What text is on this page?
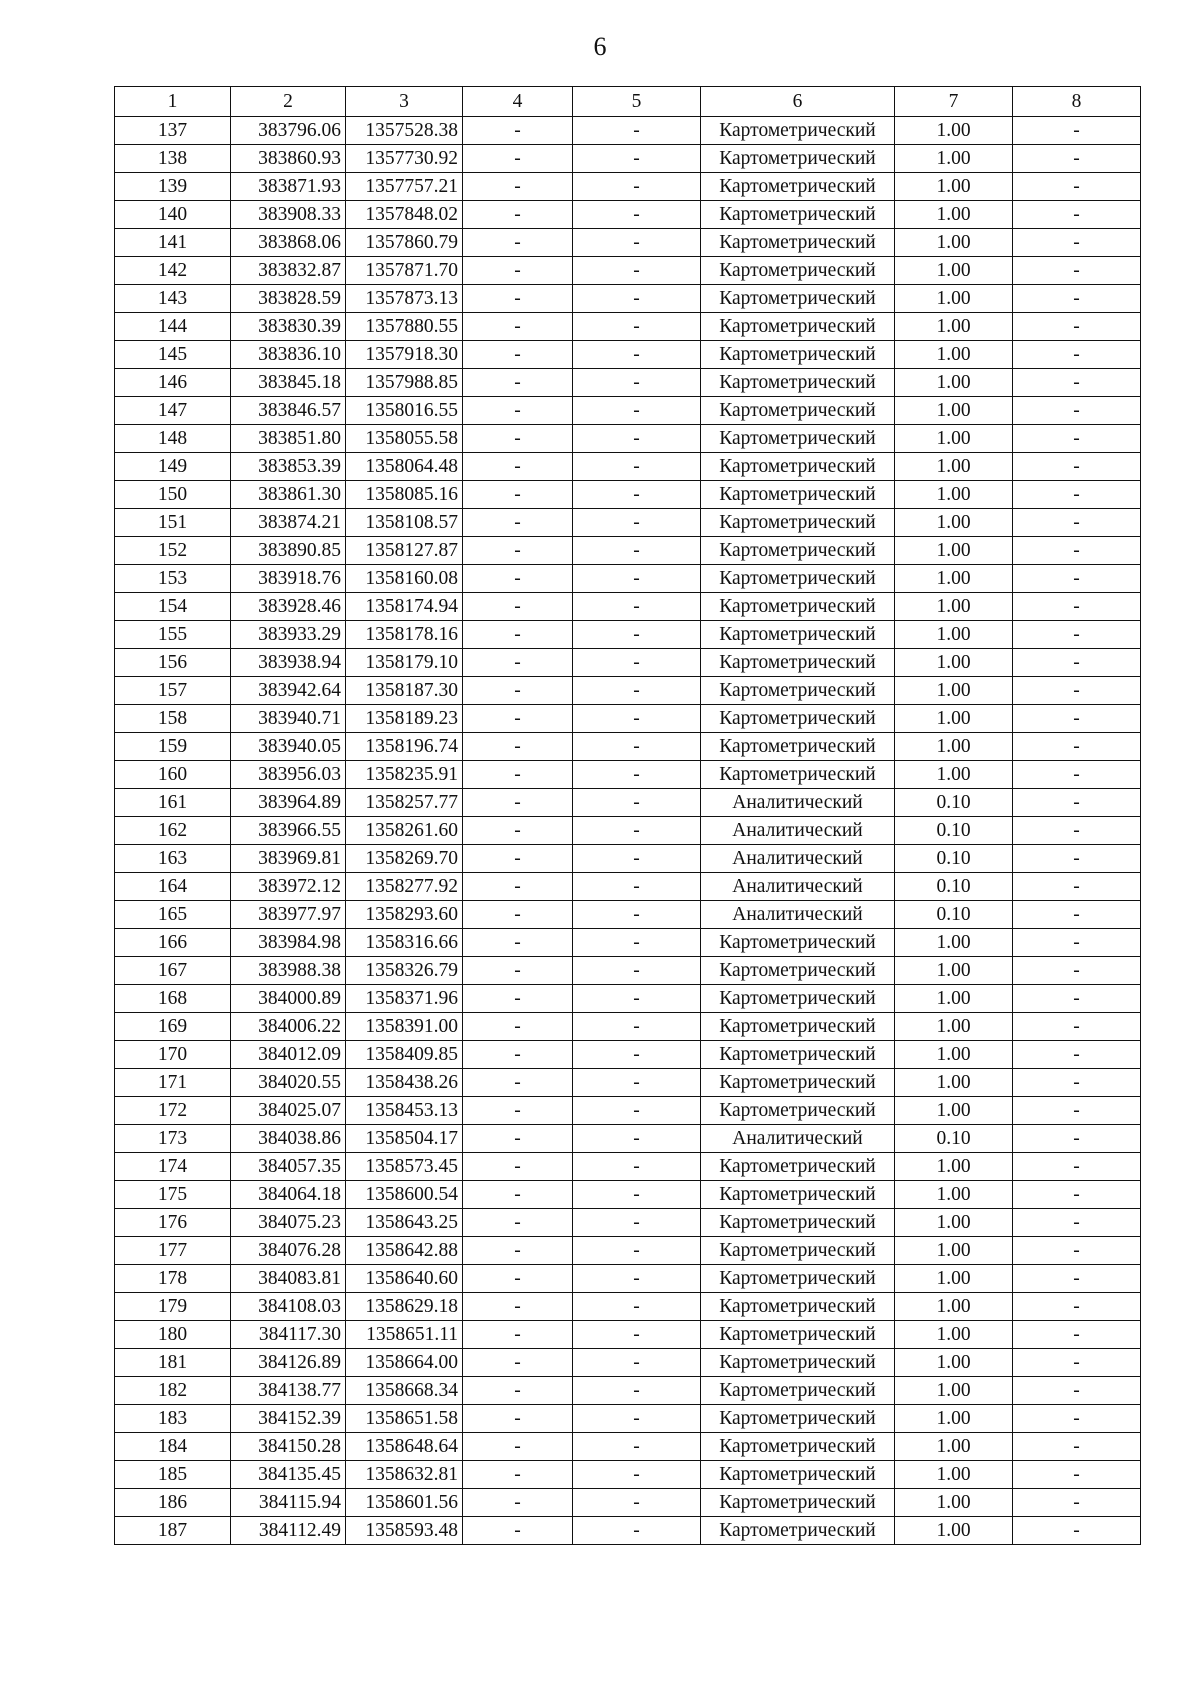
6
1	2	3	4	5	6	7	8
137	383796.06	1357528.38	-	-	Картометрический	1.00	-
138	383860.93	1357730.92	-	-	Картометрический	1.00	-
139	383871.93	1357757.21	-	-	Картометрический	1.00	-
140	383908.33	1357848.02	-	-	Картометрический	1.00	-
141	383868.06	1357860.79	-	-	Картометрический	1.00	-
142	383832.87	1357871.70	-	-	Картометрический	1.00	-
143	383828.59	1357873.13	-	-	Картометрический	1.00	-
144	383830.39	1357880.55	-	-	Картометрический	1.00	-
145	383836.10	1357918.30	-	-	Картометрический	1.00	-
146	383845.18	1357988.85	-	-	Картометрический	1.00	-
147	383846.57	1358016.55	-	-	Картометрический	1.00	-
148	383851.80	1358055.58	-	-	Картометрический	1.00	-
149	383853.39	1358064.48	-	-	Картометрический	1.00	-
150	383861.30	1358085.16	-	-	Картометрический	1.00	-
151	383874.21	1358108.57	-	-	Картометрический	1.00	-
152	383890.85	1358127.87	-	-	Картометрический	1.00	-
153	383918.76	1358160.08	-	-	Картометрический	1.00	-
154	383928.46	1358174.94	-	-	Картометрический	1.00	-
155	383933.29	1358178.16	-	-	Картометрический	1.00	-
156	383938.94	1358179.10	-	-	Картометрический	1.00	-
157	383942.64	1358187.30	-	-	Картометрический	1.00	-
158	383940.71	1358189.23	-	-	Картометрический	1.00	-
159	383940.05	1358196.74	-	-	Картометрический	1.00	-
160	383956.03	1358235.91	-	-	Картометрический	1.00	-
161	383964.89	1358257.77	-	-	Аналитический	0.10	-
162	383966.55	1358261.60	-	-	Аналитический	0.10	-
163	383969.81	1358269.70	-	-	Аналитический	0.10	-
164	383972.12	1358277.92	-	-	Аналитический	0.10	-
165	383977.97	1358293.60	-	-	Аналитический	0.10	-
166	383984.98	1358316.66	-	-	Картометрический	1.00	-
167	383988.38	1358326.79	-	-	Картометрический	1.00	-
168	384000.89	1358371.96	-	-	Картометрический	1.00	-
169	384006.22	1358391.00	-	-	Картометрический	1.00	-
170	384012.09	1358409.85	-	-	Картометрический	1.00	-
171	384020.55	1358438.26	-	-	Картометрический	1.00	-
172	384025.07	1358453.13	-	-	Картометрический	1.00	-
173	384038.86	1358504.17	-	-	Аналитический	0.10	-
174	384057.35	1358573.45	-	-	Картометрический	1.00	-
175	384064.18	1358600.54	-	-	Картометрический	1.00	-
176	384075.23	1358643.25	-	-	Картометрический	1.00	-
177	384076.28	1358642.88	-	-	Картометрический	1.00	-
178	384083.81	1358640.60	-	-	Картометрический	1.00	-
179	384108.03	1358629.18	-	-	Картометрический	1.00	-
180	384117.30	1358651.11	-	-	Картометрический	1.00	-
181	384126.89	1358664.00	-	-	Картометрический	1.00	-
182	384138.77	1358668.34	-	-	Картометрический	1.00	-
183	384152.39	1358651.58	-	-	Картометрический	1.00	-
184	384150.28	1358648.64	-	-	Картометрический	1.00	-
185	384135.45	1358632.81	-	-	Картометрический	1.00	-
186	384115.94	1358601.56	-	-	Картометрический	1.00	-
187	384112.49	1358593.48	-	-	Картометрический	1.00	-
